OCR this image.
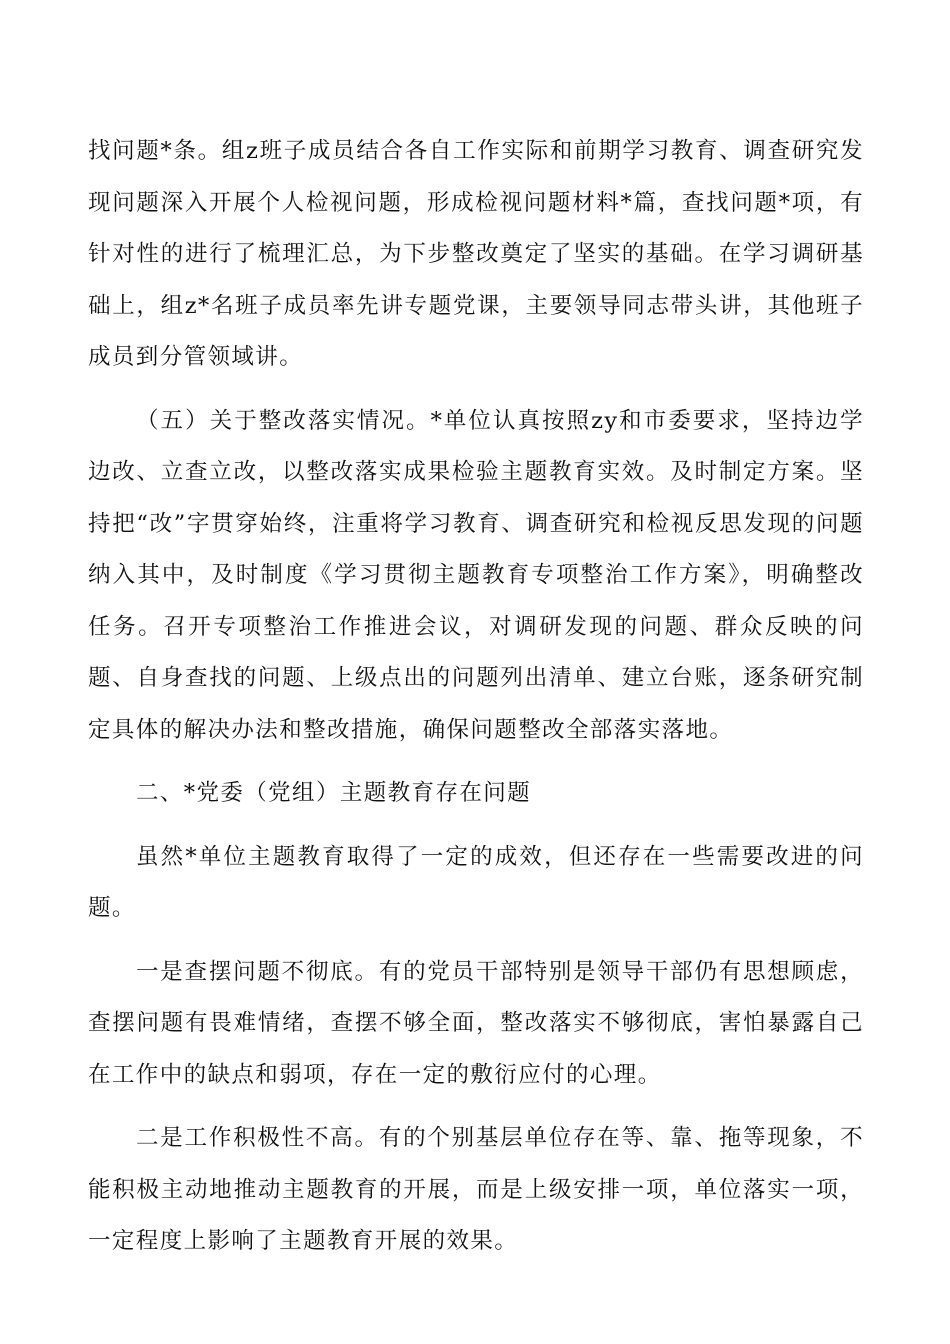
找问题*条。组z班子成员结合各自工作实际和前期学习教育、调查研究发现问题深入开展个人检视问题，形成检视问题材料*篇，查找问题*项，有针对性的进行了梳理汇总，为下步整改奠定了坚实的基础。在学习调研基础上，组z*名班子成员率先讲专题党课，主要领导同志带头讲，其他班子成员到分管领域讲。

（五）关于整改落实情况。*单位认真按照zy和市委要求，坚持边学边改、立查立改，以整改落实成果检验主题教育实效。及时制定方案。坚持把“改”字贯穿始终，注重将学习教育、调查研究和检视反思发现的问题纳入其中，及时制度《学习贯彻主题教育专项整治工作方案》，明确整改任务。召开专项整治工作推进会议，对调研发现的问题、群众反映的问题、自身查找的问题、上级点出的问题列出清单、建立台账，逐条研究制定具体的解决办法和整改措施，确保问题整改全部落实落地。

二、*党委（党组）主题教育存在问题

虽然*单位主题教育取得了一定的成效，但还存在一些需要改进的问题。

一是查摆问题不彻底。有的党员干部特别是领导干部仍有思想顾虑，查摆问题有畏难情绪，查摆不够全面，整改落实不够彻底，害怕暴露自己在工作中的缺点和弱项，存在一定的敷衍应付的心理。

二是工作积极性不高。有的个别基层单位存在等、靠、拖等现象，不能积极主动地推动主题教育的开展，而是上级安排一项，单位落实一项，一定程度上影响了主题教育开展的效果。
